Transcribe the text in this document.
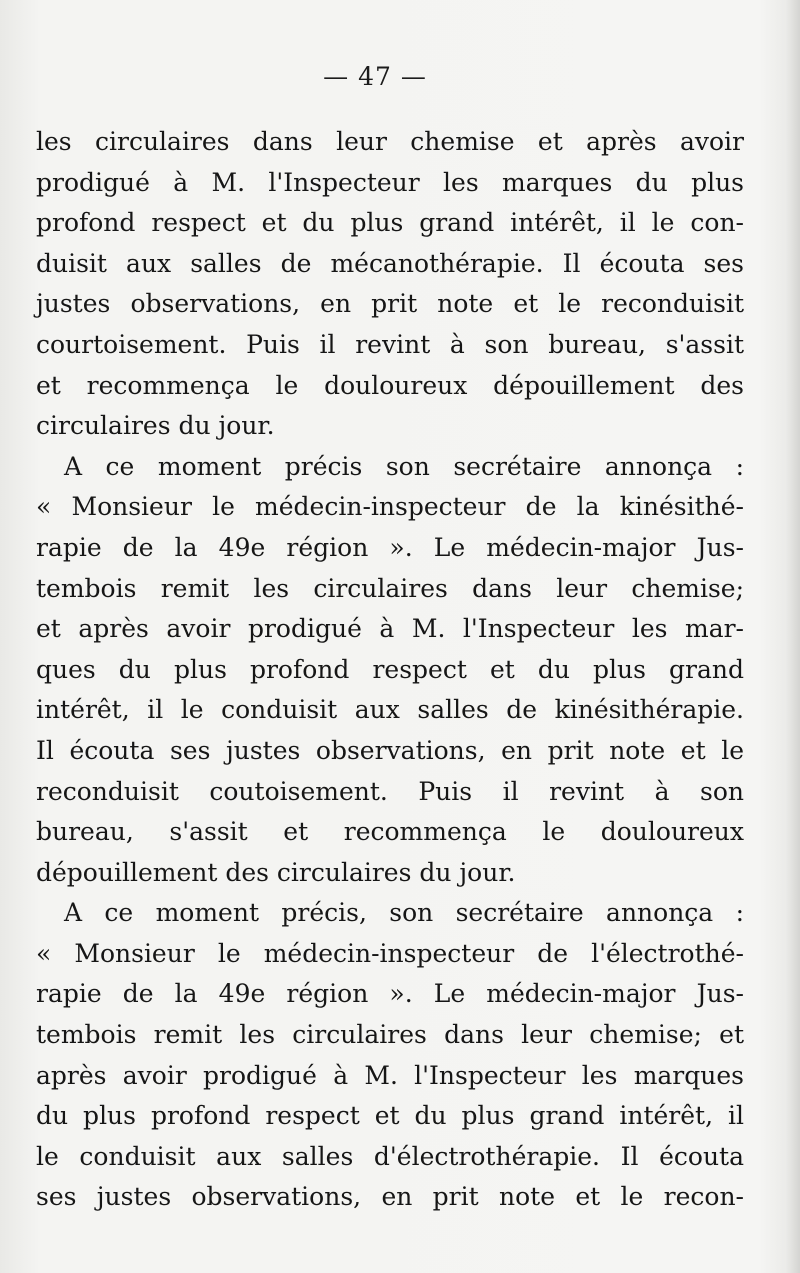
— 47 —
les circulaires dans leur chemise et après avoir
prodigué à M. l'Inspecteur les marques du plus
profond respect et du plus grand intérêt, il le con-
duisit aux salles de mécanothérapie. Il écouta ses
justes observations, en prit note et le reconduisit
courtoisement. Puis il revint à son bureau, s'assit
et recommença le douloureux dépouillement des
circulaires du jour.
A ce moment précis son secrétaire annonça :
« Monsieur le médecin-inspecteur de la kinésithé-
rapie de la 49e région ». Le médecin-major Jus-
tembois remit les circulaires dans leur chemise;
et après avoir prodigué à M. l'Inspecteur les mar-
ques du plus profond respect et du plus grand
intérêt, il le conduisit aux salles de kinésithérapie.
Il écouta ses justes observations, en prit note et le
reconduisit coutoisement. Puis il revint à son
bureau, s'assit et recommença le douloureux
dépouillement des circulaires du jour.
A ce moment précis, son secrétaire annonça :
« Monsieur le médecin-inspecteur de l'électrothé-
rapie de la 49e région ». Le médecin-major Jus-
tembois remit les circulaires dans leur chemise; et
après avoir prodigué à M. l'Inspecteur les marques
du plus profond respect et du plus grand intérêt, il
le conduisit aux salles d'électrothérapie. Il écouta
ses justes observations, en prit note et le recon-
